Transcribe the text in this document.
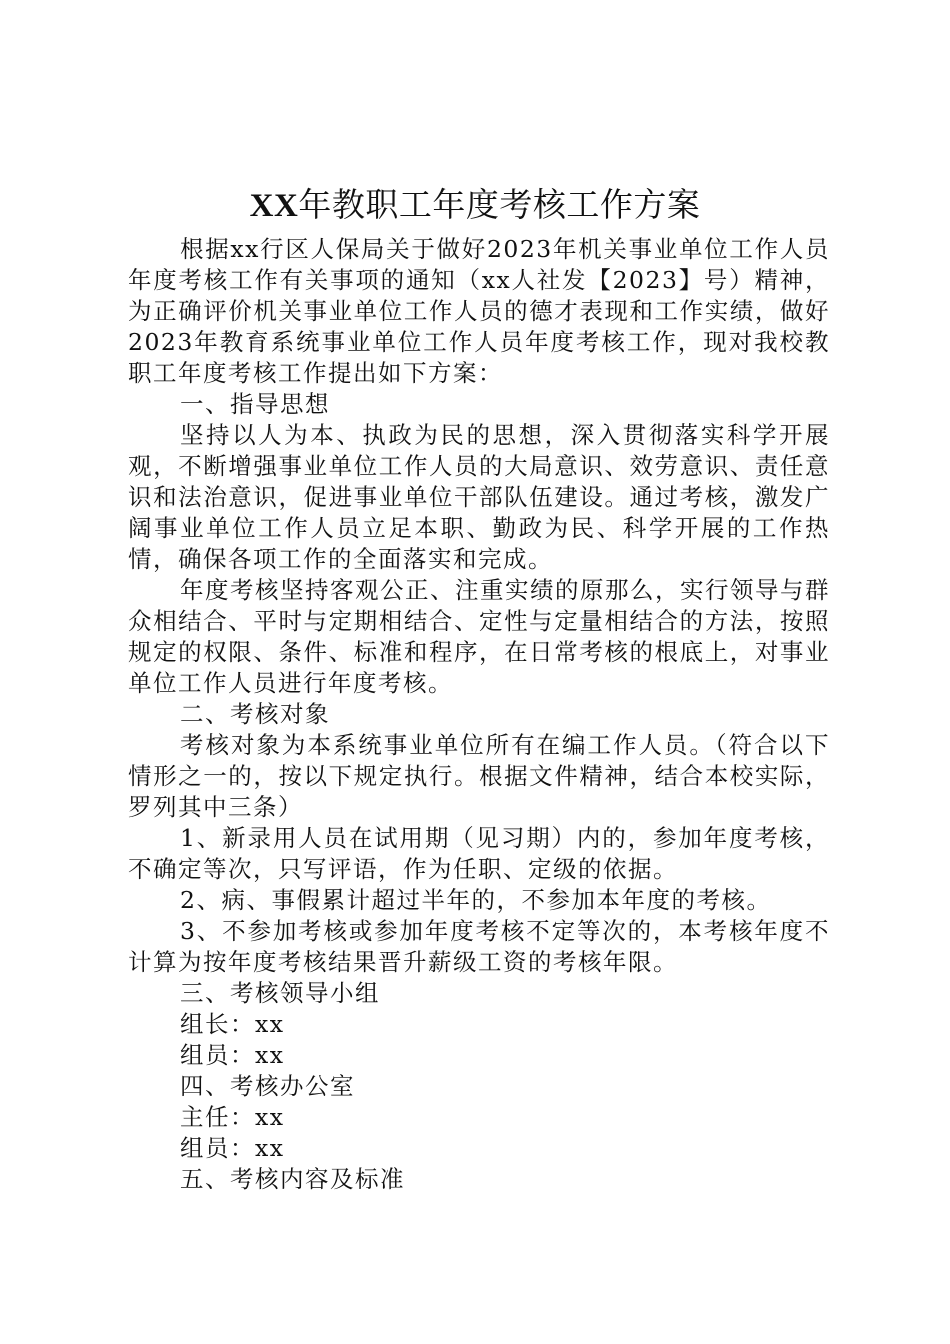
XX年教职工年度考核工作方案

根据xx行区人保局关于做好2023年机关事业单位工作人员年度考核工作有关事项的通知（xx人社发【2023】号）精神，为正确评价机关事业单位工作人员的德才表现和工作实绩，做好2023年教育系统事业单位工作人员年度考核工作，现对我校教职工年度考核工作提出如下方案：

一、指导思想

坚持以人为本、执政为民的思想，深入贯彻落实科学开展观，不断增强事业单位工作人员的大局意识、效劳意识、责任意识和法治意识，促进事业单位干部队伍建设。通过考核，激发广阔事业单位工作人员立足本职、勤政为民、科学开展的工作热情，确保各项工作的全面落实和完成。

年度考核坚持客观公正、注重实绩的原那么，实行领导与群众相结合、平时与定期相结合、定性与定量相结合的方法，按照规定的权限、条件、标准和程序，在日常考核的根底上，对事业单位工作人员进行年度考核。

二、考核对象

考核对象为本系统事业单位所有在编工作人员。（符合以下情形之一的，按以下规定执行。根据文件精神，结合本校实际，罗列其中三条）

1、新录用人员在试用期（见习期）内的，参加年度考核，不确定等次，只写评语，作为任职、定级的依据。

2、病、事假累计超过半年的，不参加本年度的考核。

3、不参加考核或参加年度考核不定等次的，本考核年度不计算为按年度考核结果晋升薪级工资的考核年限。

三、考核领导小组

组长：xx

组员：xx

四、考核办公室

主任：xx

组员：xx

五、考核内容及标准
